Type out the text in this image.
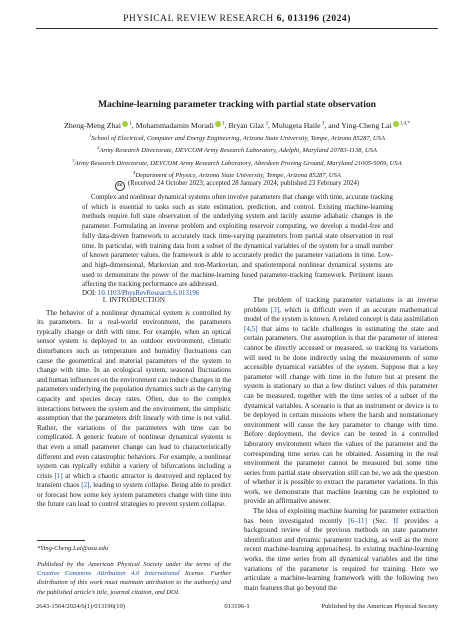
PHYSICAL REVIEW RESEARCH 6, 013196 (2024)
Machine-learning parameter tracking with partial state observation
Zheng-Meng Zhai $^1$, Mohammadamin Moradi $^1$, Bryan Glaz $^2$, Mulugeta Haile $^3$, and Ying-Cheng Lai $^{1,4,*}$
$^1$School of Electrical, Computer and Energy Engineering, Arizona State University, Tempe, Arizona 85287, USA
$^2$Army Research Directorate, DEVCOM Army Research Laboratory, Adelphi, Maryland 20783-1138, USA
$^3$Army Research Directorate, DEVCOM Army Research Laboratory, Aberdeen Proving Ground, Maryland 21005-5069, USA
$^4$Department of Physics, Arizona State University, Tempe, Arizona 85287, USA
cc (Received 24 October 2023; accepted 28 January 2024; published 23 February 2024)

Complex and nonlinear dynamical systems often involve parameters that change with time, accurate tracking of which is essential to tasks such as state estimation, prediction, and control. Existing machine-learning methods require full state observation of the underlying system and tacitly assume adiabatic changes in the parameter. Formulating an inverse problem and exploiting reservoir computing, we develop a model-free and fully data-driven framework to accurately track time-varying parameters from partial state observation in real time. In particular, with training data from a subset of the dynamical variables of the system for a small number of known parameter values, the framework is able to accurately predict the parameter variations in time. Low- and high-dimensional, Markovian and non-Markovian, and spatiotemporal nonlinear dynamical systems are used to demonstrate the power of the machine-learning based parameter-tracking framework. Pertinent issues affecting the tracking performance are addressed.

DOI: 10.1103/PhysRevResearch.6.013196
I. INTRODUCTION

The behavior of a nonlinear dynamical system is controlled by its parameters. In a real-world environment, the parameters typically change or drift with time. For example, when an optical sensor system is deployed to an outdoor environment, climatic disturbances such as temperature and humidity fluctuations can cause the geometrical and material parameters of the system to change with time. In an ecological system, seasonal fluctuations and human influences on the environment can induce changes in the parameters underlying the population dynamics such as the carrying capacity and species decay rates. Often, due to the complex interactions between the system and the environment, the simplistic assumption that the parameters drift linearly with time is not valid. Rather, the variations of the parameters with time can be complicated. A generic feature of nonlinear dynamical systems is that even a small parameter change can lead to characteristically different and even catastrophic behaviors. For example, a nonlinear system can typically exhibit a variety of bifurcations including a crisis [1] at which a chaotic attractor is destroyed and replaced by transient chaos [2], leading to system collapse. Being able to predict or forecast how some key system parameters change with time into the future can lead to control strategies to prevent system collapse.

The problem of tracking parameter variations is an inverse problem [3], which is difficult even if an accurate mathematical model of the system is known. A related concept is data assimilation [4,5] that aims to tackle challenges in estimating the state and certain parameters. Our assumption is that the parameter of interest cannot be directly accessed or measured, so tracking its variations will need to be done indirectly using the measurements of some accessible dynamical variables of the system. Suppose that a key parameter will change with time in the future but at present the system is stationary so that a few distinct values of this parameter can be measured, together with the time series of a subset of the dynamical variables. A scenario is that an instrument or device is to be deployed in certain missions where the harsh and nonstationary environment will cause the key parameter to change with time. Before deployment, the device can be tested in a controlled laboratory environment where the values of the parameter and the corresponding time series can be obtained. Assuming in the real environment the parameter cannot be measured but some time series from partial state observation still can be, we ask the question of whether it is possible to extract the parameter variations. In this work, we demonstrate that machine learning can be exploited to provide an affirmative answer.

The idea of exploiting machine learning for parameter extraction has been investigated recently [6–11] (Sec. II provides a background review of the previous methods on state parameter identification and dynamic parameter tracking, as well as the more recent machine-learning approaches). In existing machine-learning works, the time series from all dynamical variables and the time variations of the parameter is required for training. Here we articulate a machine-learning framework with the following two main features that go beyond the

*Ying-Cheng.Lai@asu.edu
Published by the American Physical Society under the terms of the Creative Commons Attribution 4.0 International license. Further distribution of this work must maintain attribution to the author(s) and the published article’s title, journal citation, and DOI.
2643-1564/2024/6(1)/013196(19)	013196-1	Published by the American Physical Society
